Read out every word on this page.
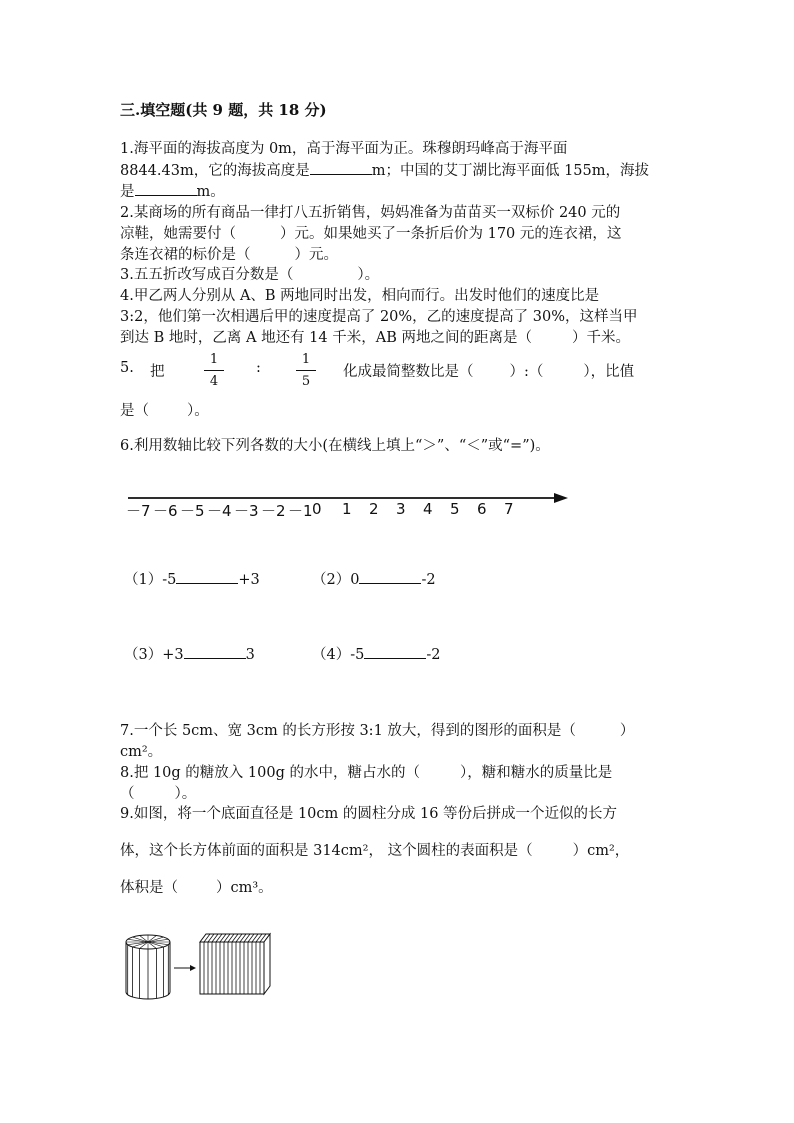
三.填空题(共 9 题，共 18 分)
1.海平面的海拔高度为 0m，高于海平面为正。珠穆朗玛峰高于海平面
8844.43m，它的海拔高度是	m；中国的艾丁湖比海平面低 155m，海拔
是	m。
2.某商场的所有商品一律打八五折销售，妈妈准备为苗苗买一双标价 240 元的
凉鞋，她需要付（	）元。如果她买了一条折后价为 170 元的连衣裙，这
条连衣裙的标价是（	）元。
3.五五折改写成百分数是（	）。
4.甲乙两人分别从 A、B 两地同时出发，相向而行。出发时他们的速度比是
3:2，他们第一次相遇后甲的速度提高了 20%，乙的速度提高了 30%，这样当甲
到达 B 地时，乙离 A 地还有 14 千米，AB 两地之间的距离是（	）千米。
5. 把
1
4
:
1
5
化成最简整数比是（ ）:（	），比值
是（	）。
6.利用数轴比较下列各数的大小(在横线上填上“＞”、“＜”或“=”)。
－7 －6 －5 －4 －3 －2 －1 0 1 2 3 4 5 6 7
（1）-5	+3	（2）0	-2
（3）+3	3	（4）-5	-2
7.一个长 5cm、宽 3cm 的长方形按 3:1 放大，得到的图形的面积是（	）
cm²。
8.把 10g 的糖放入 100g 的水中，糖占水的（	），糖和糖水的质量比是
（	）。
9.如图，将一个底面直径是 10cm 的圆柱分成 16 等份后拼成一个近似的长方
体，这个长方体前面的面积是 314cm²， 这个圆柱的表面积是（	）cm²，
体积是（	）cm³。
